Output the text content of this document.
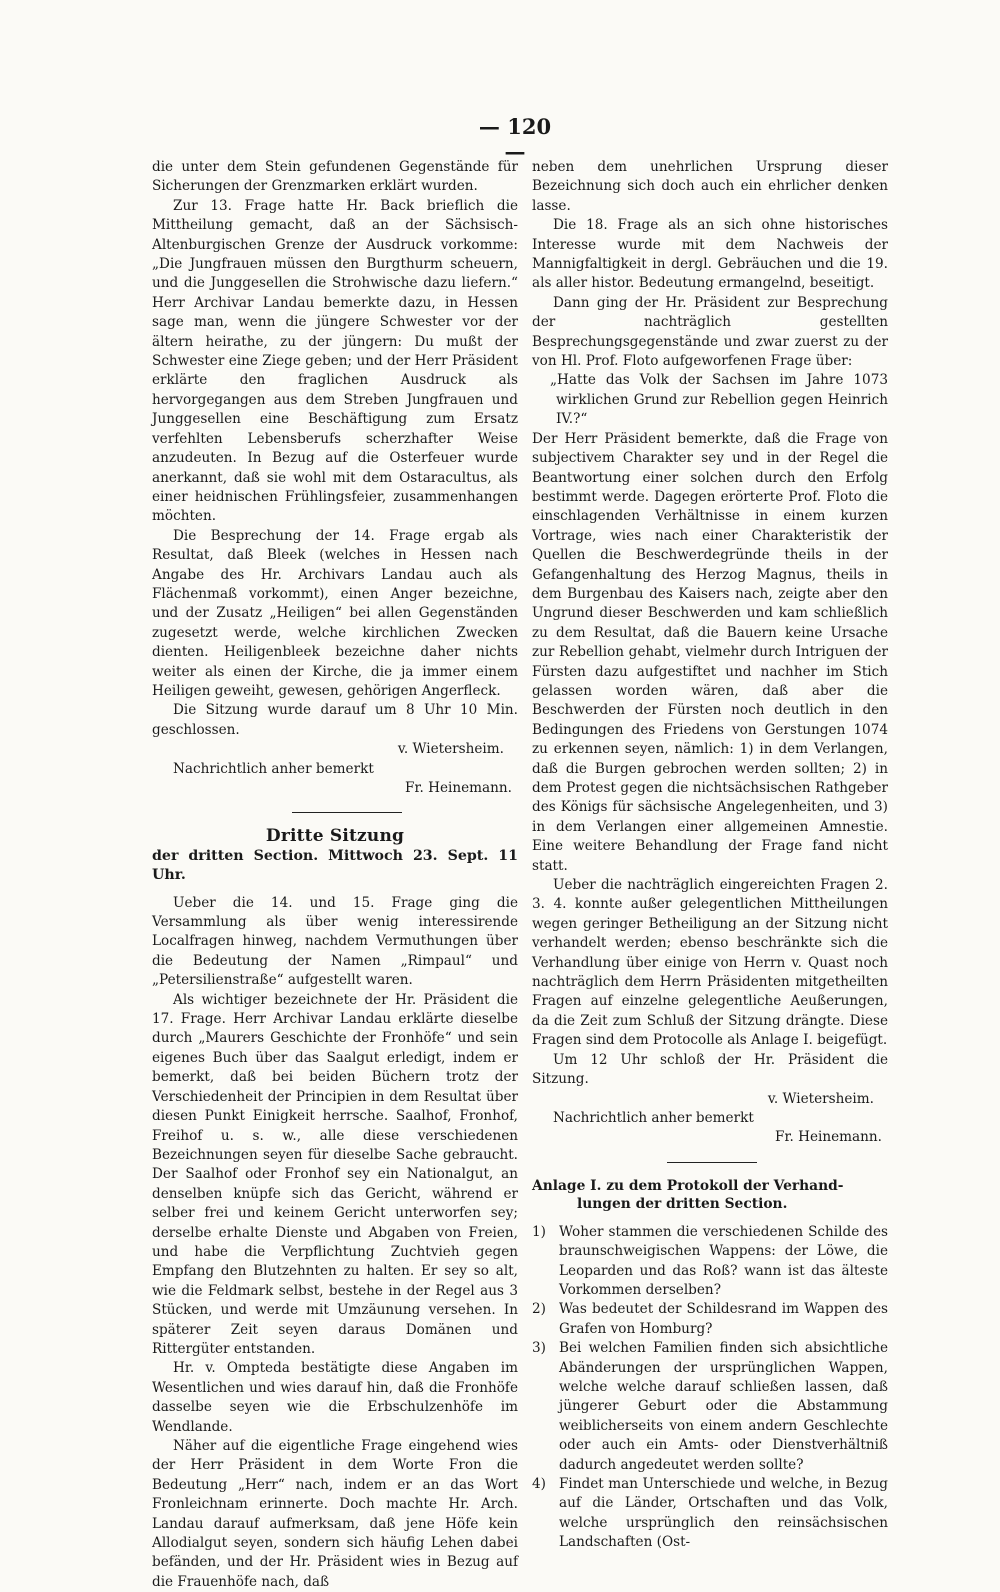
— 120 —

die unter dem Stein gefundenen Gegenstände für Sicherungen der Grenzmarken erklärt wurden.

Zur 13. Frage hatte Hr. Back brieflich die Mittheilung gemacht, daß an der Sächsisch-Altenburgischen Grenze der Ausdruck vorkomme: „Die Jungfrauen müssen den Burgthurm scheuern, und die Junggesellen die Strohwische dazu liefern.“ Herr Archivar Landau bemerkte dazu, in Hessen sage man, wenn die jüngere Schwester vor der ältern heirathe, zu der jüngern: Du mußt der Schwester eine Ziege geben; und der Herr Präsident erklärte den fraglichen Ausdruck als hervorgegangen aus dem Streben Jungfrauen und Junggesellen eine Beschäftigung zum Ersatz verfehlten Lebensberufs scherzhafter Weise anzudeuten. In Bezug auf die Osterfeuer wurde anerkannt, daß sie wohl mit dem Ostaracultus, als einer heidnischen Frühlingsfeier, zusammenhangen möchten.

Die Besprechung der 14. Frage ergab als Resultat, daß Bleek (welches in Hessen nach Angabe des Hr. Archivars Landau auch als Flächenmaß vorkommt), einen Anger bezeichne, und der Zusatz „Heiligen“ bei allen Gegenständen zugesetzt werde, welche kirchlichen Zwecken dienten. Heiligenbleek bezeichne daher nichts weiter als einen der Kirche, die ja immer einem Heiligen geweiht, gewesen, gehörigen Angerfleck.

Die Sitzung wurde darauf um 8 Uhr 10 Min. geschlossen.

v. Wietersheim.

Nachrichtlich anher bemerkt

Fr. Heinemann.

Dritte Sitzung
der dritten Section. Mittwoch 23. Sept. 11 Uhr.

Ueber die 14. und 15. Frage ging die Versammlung als über wenig interessirende Localfragen hinweg, nachdem Vermuthungen über die Bedeutung der Namen „Rimpaul“ und „Petersilienstraße“ aufgestellt waren.

Als wichtiger bezeichnete der Hr. Präsident die 17. Frage. Herr Archivar Landau erklärte dieselbe durch „Maurers Geschichte der Fronhöfe“ und sein eigenes Buch über das Saalgut erledigt, indem er bemerkt, daß bei beiden Büchern trotz der Verschiedenheit der Principien in dem Resultat über diesen Punkt Einigkeit herrsche. Saalhof, Fronhof, Freihof u. s. w., alle diese verschiedenen Bezeichnungen seyen für dieselbe Sache gebraucht. Der Saalhof oder Fronhof sey ein Nationalgut, an denselben knüpfe sich das Gericht, während er selber frei und keinem Gericht unterworfen sey; derselbe erhalte Dienste und Abgaben von Freien, und habe die Verpflichtung Zuchtvieh gegen Empfang den Blutzehnten zu halten. Er sey so alt, wie die Feldmark selbst, bestehe in der Regel aus 3 Stücken, und werde mit Umzäunung versehen. In späterer Zeit seyen daraus Domänen und Rittergüter entstanden.

Hr. v. Ompteda bestätigte diese Angaben im Wesentlichen und wies darauf hin, daß die Fronhöfe dasselbe seyen wie die Erbschulzenhöfe im Wendlande.

Näher auf die eigentliche Frage eingehend wies der Herr Präsident in dem Worte Fron die Bedeutung „Herr“ nach, indem er an das Wort Fronleichnam erinnerte. Doch machte Hr. Arch. Landau darauf aufmerksam, daß jene Höfe kein Allodialgut seyen, sondern sich häufig Lehen dabei befänden, und der Hr. Präsident wies in Bezug auf die Frauenhöfe nach, daß

neben dem unehrlichen Ursprung dieser Bezeichnung sich doch auch ein ehrlicher denken lasse.

Die 18. Frage als an sich ohne historisches Interesse wurde mit dem Nachweis der Mannigfaltigkeit in dergl. Gebräuchen und die 19. als aller histor. Bedeutung ermangelnd, beseitigt.

Dann ging der Hr. Präsident zur Besprechung der nachträglich gestellten Besprechungsgegenstände und zwar zuerst zu der von Hl. Prof. Floto aufgeworfenen Frage über:

„Hatte das Volk der Sachsen im Jahre 1073 wirklichen Grund zur Rebellion gegen Heinrich IV.?“

Der Herr Präsident bemerkte, daß die Frage von subjectivem Charakter sey und in der Regel die Beantwortung einer solchen durch den Erfolg bestimmt werde. Dagegen erörterte Prof. Floto die einschlagenden Verhältnisse in einem kurzen Vortrage, wies nach einer Charakteristik der Quellen die Beschwerdegründe theils in der Gefangenhaltung des Herzog Magnus, theils in dem Burgenbau des Kaisers nach, zeigte aber den Ungrund dieser Beschwerden und kam schließlich zu dem Resultat, daß die Bauern keine Ursache zur Rebellion gehabt, vielmehr durch Intriguen der Fürsten dazu aufgestiftet und nachher im Stich gelassen worden wären, daß aber die Beschwerden der Fürsten noch deutlich in den Bedingungen des Friedens von Gerstungen 1074 zu erkennen seyen, nämlich: 1) in dem Verlangen, daß die Burgen gebrochen werden sollten; 2) in dem Protest gegen die nichtsächsischen Rathgeber des Königs für sächsische Angelegenheiten, und 3) in dem Verlangen einer allgemeinen Amnestie. Eine weitere Behandlung der Frage fand nicht statt.

Ueber die nachträglich eingereichten Fragen 2. 3. 4. konnte außer gelegentlichen Mittheilungen wegen geringer Betheiligung an der Sitzung nicht verhandelt werden; ebenso beschränkte sich die Verhandlung über einige von Herrn v. Quast noch nachträglich dem Herrn Präsidenten mitgetheilten Fragen auf einzelne gelegentliche Aeußerungen, da die Zeit zum Schluß der Sitzung drängte. Diese Fragen sind dem Protocolle als Anlage I. beigefügt.

Um 12 Uhr schloß der Hr. Präsident die Sitzung.

v. Wietersheim.

Nachrichtlich anher bemerkt

Fr. Heinemann.

Anlage I. zu dem Protokoll der Verhand-
lungen der dritten Section.
1) Woher stammen die verschiedenen Schilde des braunschweigischen Wappens: der Löwe, die Leoparden und das Roß? wann ist das älteste Vorkommen derselben?
2) Was bedeutet der Schildesrand im Wappen des Grafen von Homburg?
3) Bei welchen Familien finden sich absichtliche Abänderungen der ursprünglichen Wappen, welche welche darauf schließen lassen, daß jüngerer Geburt oder die Abstammung weiblicherseits von einem andern Geschlechte oder auch ein Amts- oder Dienstverhältniß dadurch angedeutet werden sollte?
4) Findet man Unterschiede und welche, in Bezug auf die Länder, Ortschaften und das Volk, welche ursprünglich den reinsächsischen Landschaften (Ost-
